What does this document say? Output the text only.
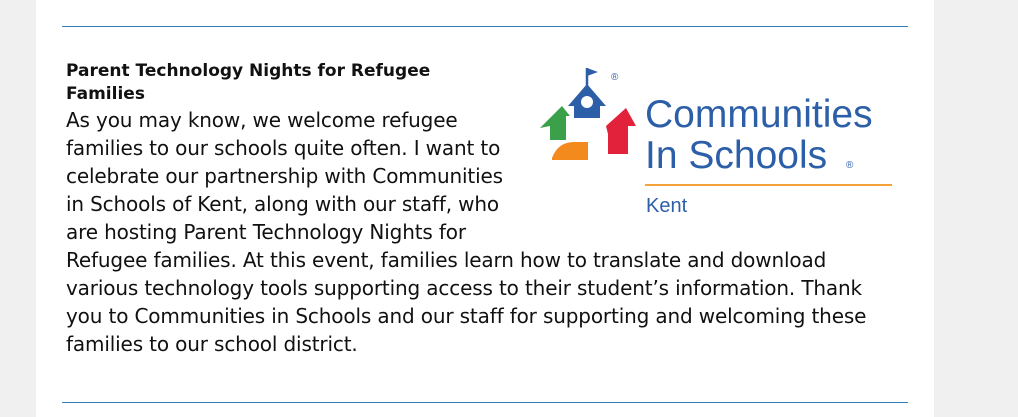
®
Communities
In Schools ®
Kent
Parent Technology Nights for Refugee Families

As you may know, we welcome refugee families to our schools quite often. I want to celebrate our partnership with Communities in Schools of Kent, along with our staff, who are hosting Parent Technology Nights for Refugee families. At this event, families learn how to translate and download various technology tools supporting access to their student’s information. Thank you to Communities in Schools and our staff for supporting and welcoming these families to our school district.
